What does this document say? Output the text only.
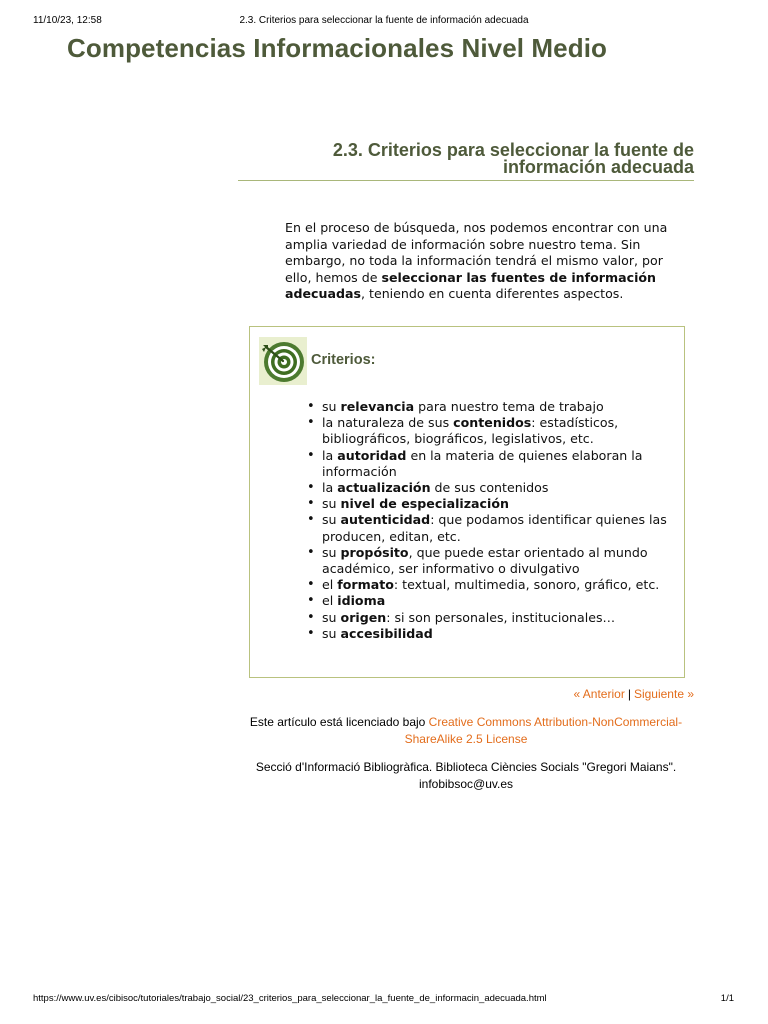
11/10/23, 12:58	2.3. Criterios para seleccionar la fuente de información adecuada
Competencias Informacionales Nivel Medio
2.3. Criterios para seleccionar la fuente de
información adecuada

En el proceso de búsqueda, nos podemos encontrar con una amplia variedad de información sobre nuestro tema. Sin embargo, no toda la información tendrá el mismo valor, por ello, hemos de seleccionar las fuentes de información adecuadas, teniendo en cuenta diferentes aspectos.

Criterios:
• su relevancia para nuestro tema de trabajo
• la naturaleza de sus contenidos: estadísticos, bibliográficos, biográficos, legislativos, etc.
• la autoridad en la materia de quienes elaboran la información
• la actualización de sus contenidos
• su nivel de especialización
• su autenticidad: que podamos identificar quienes las producen, editan, etc.
• su propósito, que puede estar orientado al mundo académico, ser informativo o divulgativo
• el formato: textual, multimedia, sonoro, gráfico, etc.
• el idioma
• su origen: si son personales, institucionales…
• su accesibilidad
« Anterior | Siguiente »
Este artículo está licenciado bajo Creative Commons Attribution-NonCommercial-ShareAlike 2.5 License
Secció d'Informació Bibliogràfica. Biblioteca Ciències Socials "Gregori Maians".
infobibsoc@uv.es
https://www.uv.es/cibisoc/tutoriales/trabajo_social/23_criterios_para_seleccionar_la_fuente_de_informacin_adecuada.html	1/1
